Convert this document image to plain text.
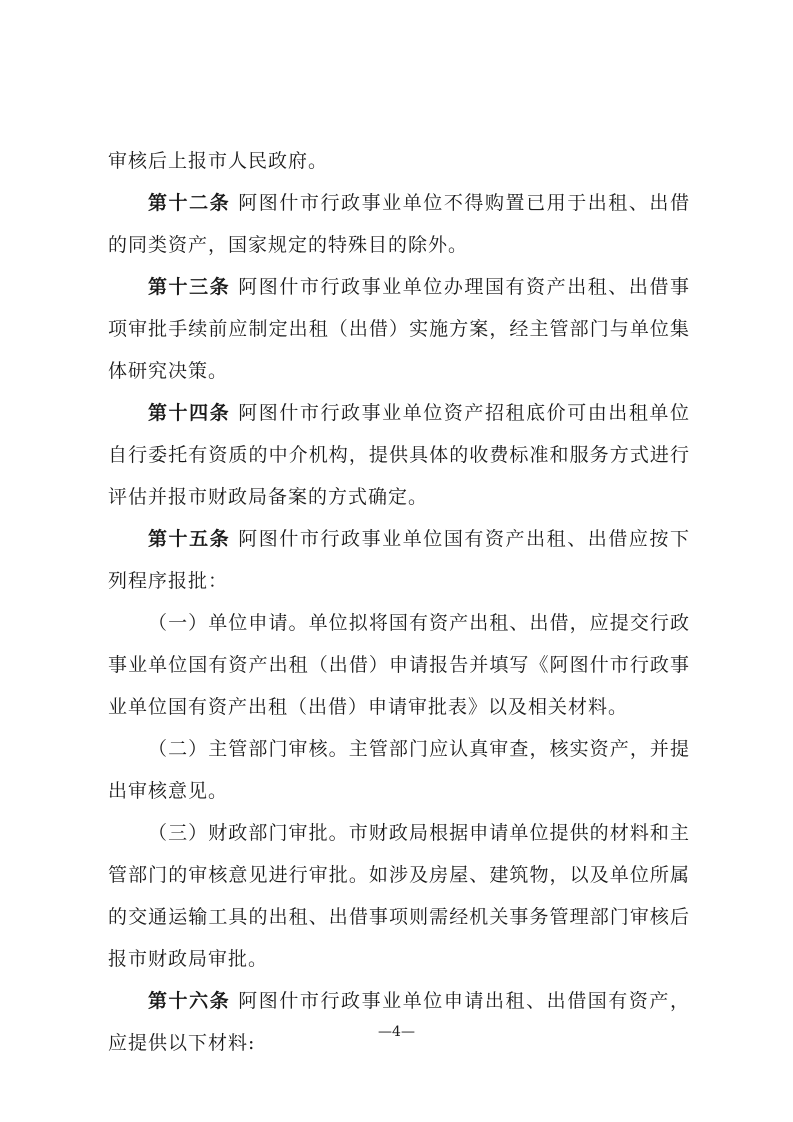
审核后上报市人民政府。

第十二条 阿图什市行政事业单位不得购置已用于出租、出借的同类资产，国家规定的特殊目的除外。

第十三条 阿图什市行政事业单位办理国有资产出租、出借事项审批手续前应制定出租（出借）实施方案，经主管部门与单位集体研究决策。

第十四条 阿图什市行政事业单位资产招租底价可由出租单位自行委托有资质的中介机构，提供具体的收费标准和服务方式进行评估并报市财政局备案的方式确定。

第十五条 阿图什市行政事业单位国有资产出租、出借应按下列程序报批：

（一）单位申请。单位拟将国有资产出租、出借，应提交行政事业单位国有资产出租（出借）申请报告并填写《阿图什市行政事业单位国有资产出租（出借）申请审批表》以及相关材料。

（二）主管部门审核。主管部门应认真审查，核实资产，并提出审核意见。

（三）财政部门审批。市财政局根据申请单位提供的材料和主管部门的审核意见进行审批。如涉及房屋、建筑物，以及单位所属的交通运输工具的出租、出借事项则需经机关事务管理部门审核后报市财政局审批。

第十六条 阿图什市行政事业单位申请出租、出借国有资产，应提供以下材料:	—4—
